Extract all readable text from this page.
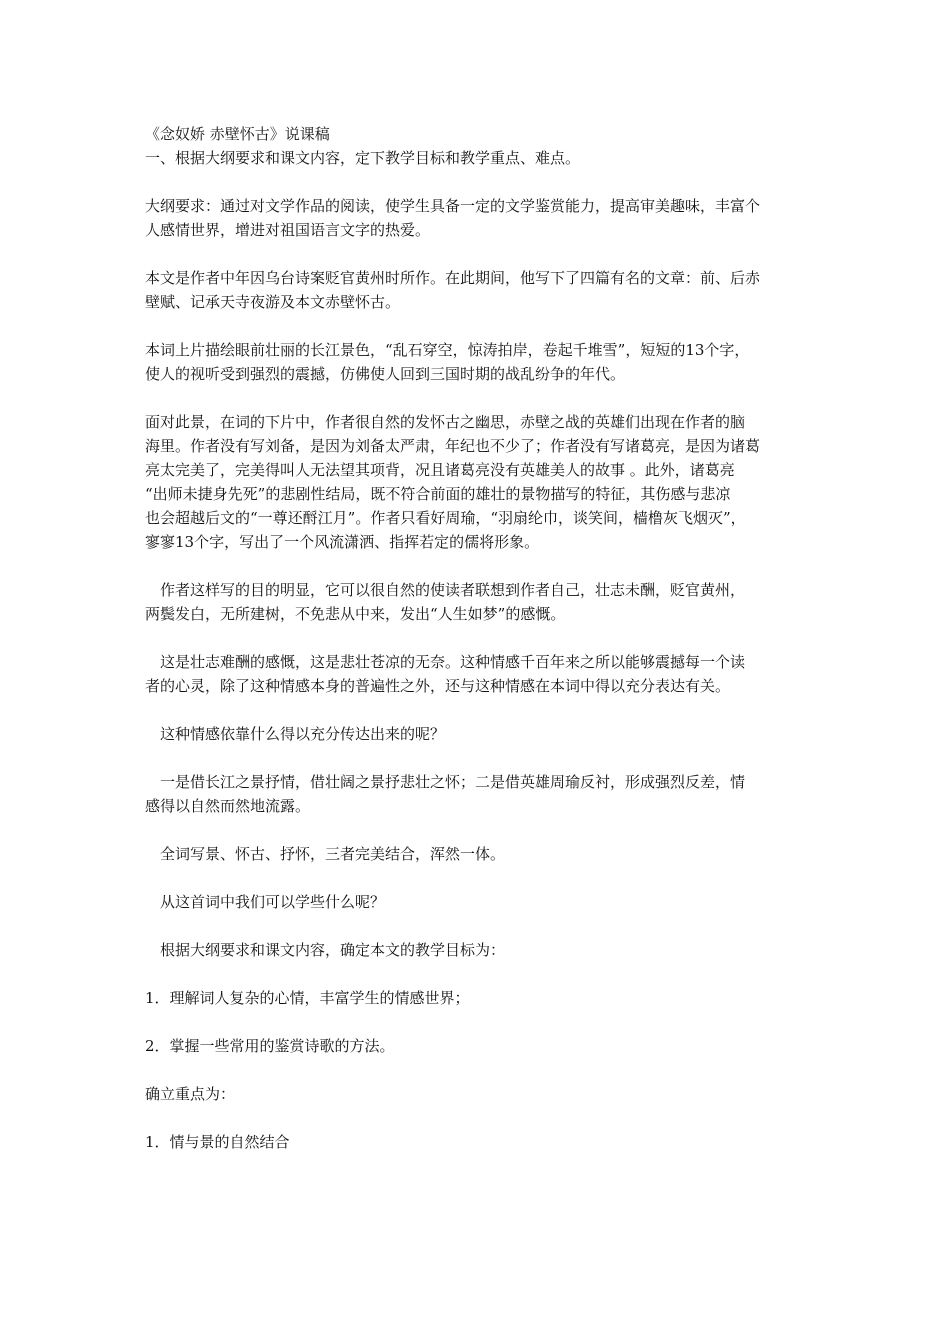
《念奴娇 赤壁怀古》说课稿
一、根据大纲要求和课文内容，定下教学目标和教学重点、难点。
大纲要求：通过对文学作品的阅读，使学生具备一定的文学鉴赏能力，提高审美趣味，丰富个
人感情世界，增进对祖国语言文字的热爱。
本文是作者中年因乌台诗案贬官黄州时所作。在此期间，他写下了四篇有名的文章：前、后赤
壁赋、记承天寺夜游及本文赤壁怀古。
本词上片描绘眼前壮丽的长江景色，“乱石穿空，惊涛拍岸，卷起千堆雪”，短短的13个字，
使人的视听受到强烈的震撼，仿佛使人回到三国时期的战乱纷争的年代。
面对此景，在词的下片中，作者很自然的发怀古之幽思，赤壁之战的英雄们出现在作者的脑
海里。作者没有写刘备，是因为刘备太严肃，年纪也不少了；作者没有写诸葛亮，是因为诸葛
亮太完美了，完美得叫人无法望其项背，况且诸葛亮没有英雄美人的故事 。此外，诸葛亮
“出师未捷身先死”的悲剧性结局，既不符合前面的雄壮的景物描写的特征，其伤感与悲凉
也会超越后文的“一尊还酹江月”。作者只看好周瑜，“羽扇纶巾，谈笑间，樯橹灰飞烟灭”，
寥寥13个字，写出了一个风流潇洒、指挥若定的儒将形象。
　作者这样写的目的明显，它可以很自然的使读者联想到作者自己，壮志未酬，贬官黄州，
两鬓发白，无所建树，不免悲从中来，发出“人生如梦”的感慨。
　这是壮志难酬的感慨，这是悲壮苍凉的无奈。这种情感千百年来之所以能够震撼每一个读
者的心灵，除了这种情感本身的普遍性之外，还与这种情感在本词中得以充分表达有关。
　这种情感依靠什么得以充分传达出来的呢？
　一是借长江之景抒情，借壮阔之景抒悲壮之怀；二是借英雄周瑜反衬，形成强烈反差，情
感得以自然而然地流露。
　全词写景、怀古、抒怀，三者完美结合，浑然一体。
　从这首词中我们可以学些什么呢？
　根据大纲要求和课文内容，确定本文的教学目标为：
1．理解词人复杂的心情，丰富学生的情感世界；
2．掌握一些常用的鉴赏诗歌的方法。
确立重点为：
1．情与景的自然结合
